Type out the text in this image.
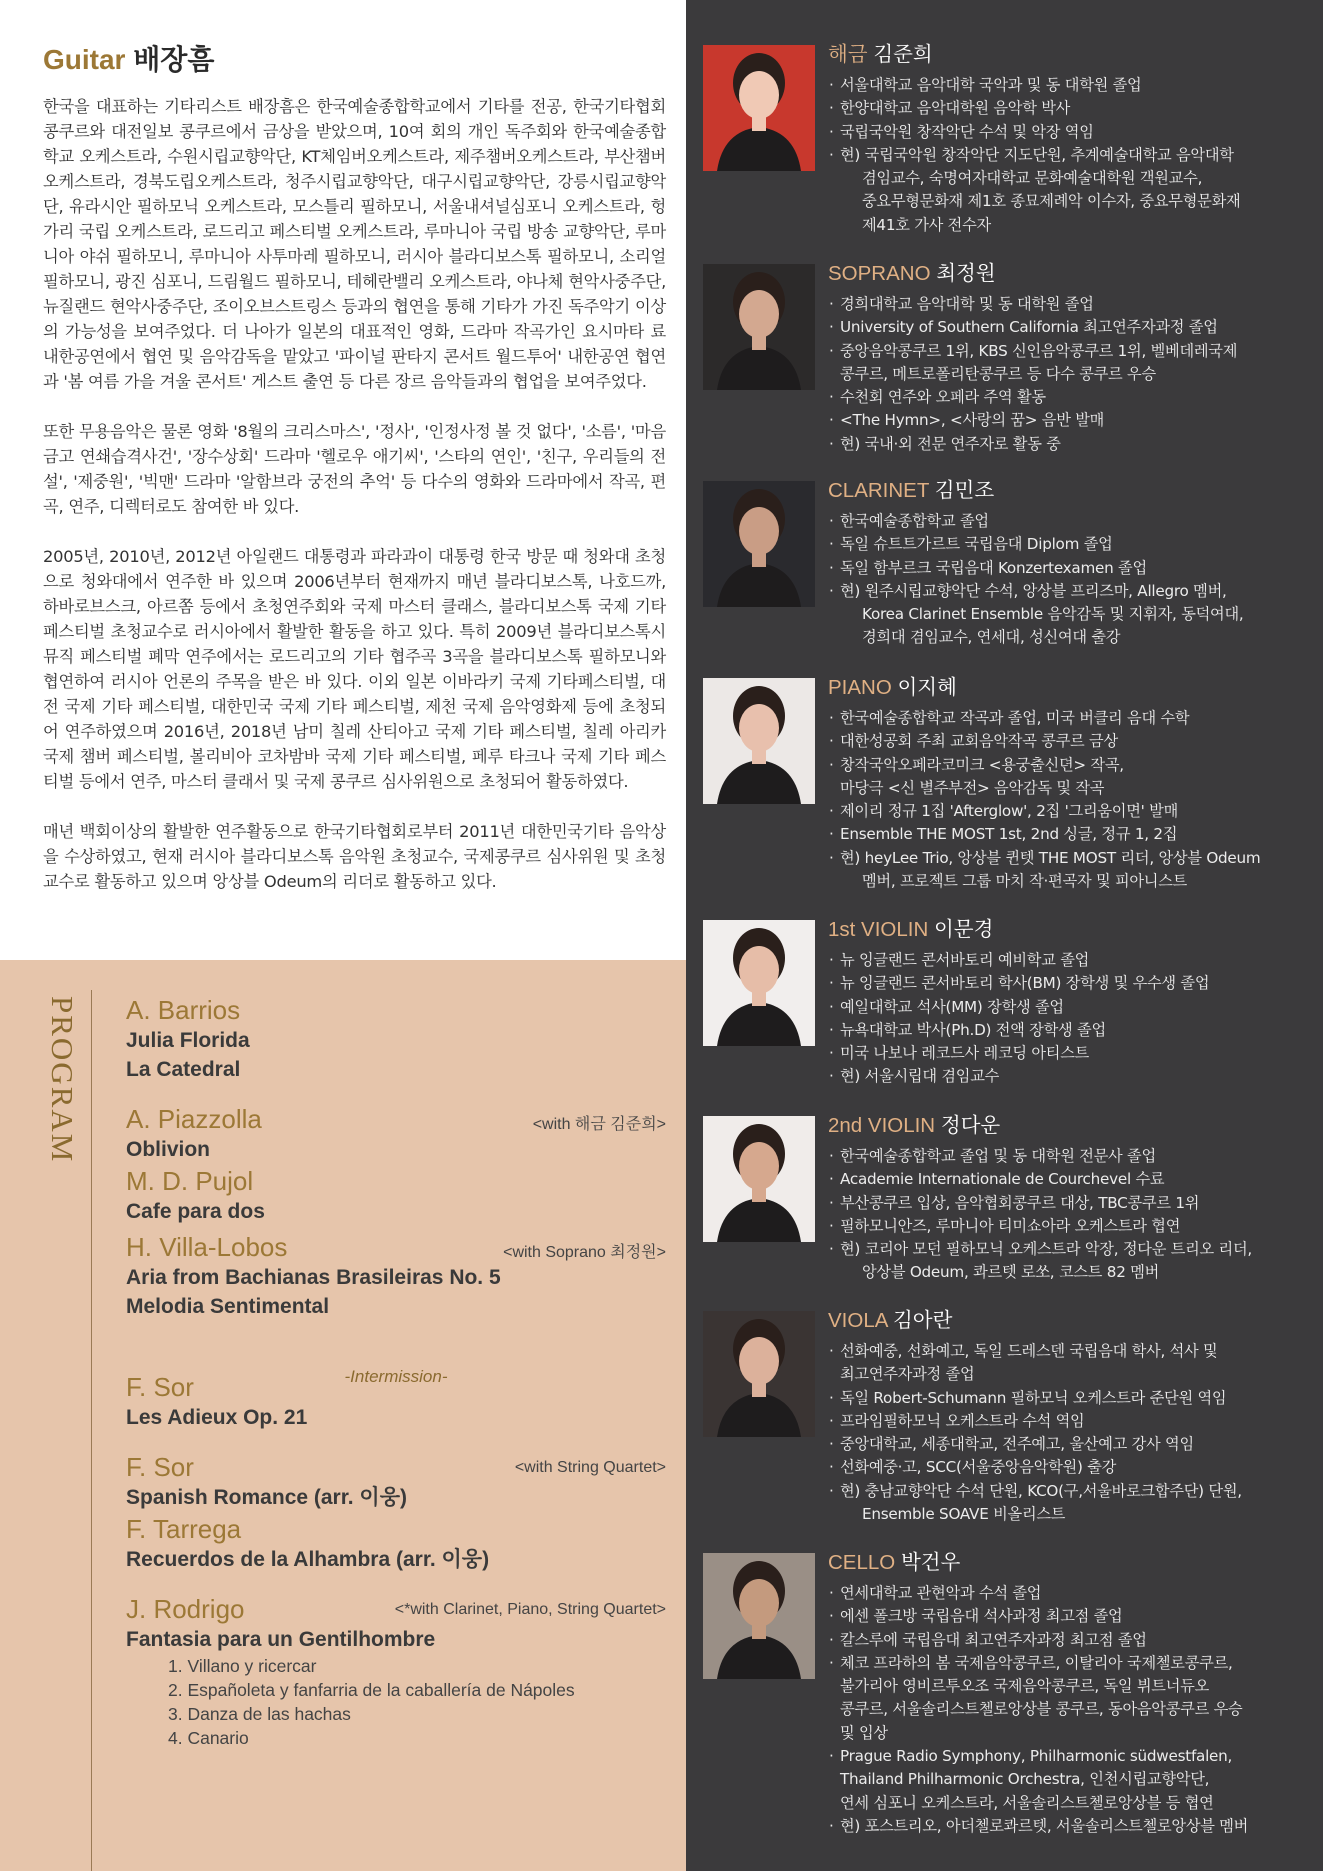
Guitar 배장흠

한국을 대표하는 기타리스트 배장흠은 한국예술종합학교에서 기타를 전공, 한국기타협회 콩쿠르와 대전일보 콩쿠르에서 금상을 받았으며, 10여 회의 개인 독주회와 한국예술종합학교 오케스트라, 수원시립교향악단, KT체임버오케스트라, 제주챔버오케스트라, 부산챔버오케스트라, 경북도립오케스트라, 청주시립교향악단, 대구시립교향악단, 강릉시립교향악단, 유라시안 필하모닉 오케스트라, 모스틀리 필하모니, 서울내셔널심포니 오케스트라, 헝가리 국립 오케스트라, 로드리고 페스티벌 오케스트라, 루마니아 국립 방송 교향악단, 루마니아 야쉬 필하모니, 루마니아 사투마레 필하모니, 러시아 블라디보스톡 필하모니, 소리얼 필하모니, 광진 심포니, 드림월드 필하모니, 테헤란밸리 오케스트라, 야나체 현악사중주단, 뉴질랜드 현악사중주단, 조이오브스트링스 등과의 협연을 통해 기타가 가진 독주악기 이상의 가능성을 보여주었다. 더 나아가 일본의 대표적인 영화, 드라마 작곡가인 요시마타 료 내한공연에서 협연 및 음악감독을 맡았고 '파이널 판타지 콘서트 월드투어' 내한공연 협연과 '봄 여름 가을 겨울 콘서트' 게스트 출연 등 다른 장르 음악들과의 협업을 보여주었다.

또한 무용음악은 물론 영화 '8월의 크리스마스', '정사', '인정사정 볼 것 없다', '소름', '마음금고 연쇄습격사건', '장수상회' 드라마 '헬로우 애기씨', '스타의 연인', '친구, 우리들의 전설', '제중원', '빅맨' 드라마 '알함브라 궁전의 추억' 등 다수의 영화와 드라마에서 작곡, 편곡, 연주, 디렉터로도 참여한 바 있다.

2005년, 2010년, 2012년 아일랜드 대통령과 파라과이 대통령 한국 방문 때 청와대 초청으로 청와대에서 연주한 바 있으며 2006년부터 현재까지 매년 블라디보스톡, 나호드까, 하바로브스크, 아르쫌 등에서 초청연주회와 국제 마스터 클래스, 블라디보스톡 국제 기타 페스티벌 초청교수로 러시아에서 활발한 활동을 하고 있다. 특히 2009년 블라디보스톡시 뮤직 페스티벌 폐막 연주에서는 로드리고의 기타 협주곡 3곡을 블라디보스톡 필하모니와 협연하여 러시아 언론의 주목을 받은 바 있다. 이외 일본 이바라키 국제 기타페스티벌, 대전 국제 기타 페스티벌, 대한민국 국제 기타 페스티벌, 제천 국제 음악영화제 등에 초청되어 연주하였으며 2016년, 2018년 남미 칠레 산티아고 국제 기타 페스티벌, 칠레 아리카 국제 챔버 페스티벌, 볼리비아 코차밤바 국제 기타 페스티벌, 페루 타크나 국제 기타 페스티벌 등에서 연주, 마스터 클래서 및 국제 콩쿠르 심사위원으로 초청되어 활동하였다.

매년 백회이상의 활발한 연주활동으로 한국기타협회로부터 2011년 대한민국기타 음악상을 수상하였고, 현재 러시아 블라디보스톡 음악원 초청교수, 국제콩쿠르 심사위원 및 초청교수로 활동하고 있으며 앙상블 Odeum의 리더로 활동하고 있다.

PROGRAM A. Barrios
Julia Florida
La Catedral
A. Piazzolla	<with 해금 김준희>
Oblivion
M. D. Pujol
Cafe para dos
H. Villa-Lobos	<with Soprano 최정원>
Aria from Bachianas Brasileiras No. 5
Melodia Sentimental
F. Sor
Les Adieux Op. 21
F. Sor	<with String Quartet>
Spanish Romance (arr. 이웅)
F. Tarrega
Recuerdos de la Alhambra (arr. 이웅)
J. Rodrigo	<*with Clarinet, Piano, String Quartet>
Fantasia para un Gentilhombre
1. Villano y ricercar
2. Españoleta y fanfarria de la caballería de Nápoles
3. Danza de las hachas
4. Canario
-Intermission-
해금 김준희
· 서울대학교 음악대학 국악과 및 동 대학원 졸업
· 한양대학교 음악대학원 음악학 박사
· 국립국악원 창작악단 수석 및 악장 역임
· 현) 국립국악원 창작악단 지도단원, 추계예술대학교 음악대학
겸임교수, 숙명여자대학교 문화예술대학원 객원교수,
중요무형문화재 제1호 종묘제례악 이수자, 중요무형문화재
제41호 가사 전수자
SOPRANO 최정원
· 경희대학교 음악대학 및 동 대학원 졸업
· University of Southern California 최고연주자과정 졸업
· 중앙음악콩쿠르 1위, KBS 신인음악콩쿠르 1위, 벨베데레국제
콩쿠르, 메트로폴리탄콩쿠르 등 다수 콩쿠르 우승
· 수천회 연주와 오페라 주역 활동
· <The Hymn>, <사랑의 꿈> 음반 발매
· 현) 국내·외 전문 연주자로 활동 중
CLARINET 김민조
· 한국예술종합학교 졸업
· 독일 슈트트가르트 국립음대 Diplom 졸업
· 독일 함부르크 국립음대 Konzertexamen 졸업
· 현) 원주시립교향악단 수석, 앙상블 프리즈마, Allegro 멤버,
Korea Clarinet Ensemble 음악감독 및 지휘자, 동덕여대,
경희대 겸임교수, 연세대, 성신여대 출강
PIANO 이지혜
· 한국예술종합학교 작곡과 졸업, 미국 버클리 음대 수학
· 대한성공회 주최 교회음악작곡 콩쿠르 금상
· 창작국악오페라코미크 <용궁출신뎐> 작곡,
마당극 <신 별주부전> 음악감독 및 작곡
· 제이리 정규 1집 'Afterglow', 2집 '그리움이면' 발매
· Ensemble THE MOST 1st, 2nd 싱글, 정규 1, 2집
· 현) heyLee Trio, 앙상블 퀸텟 THE MOST 리더, 앙상블 Odeum
멤버, 프로젝트 그룹 마치 작·편곡자 및 피아니스트
1st VIOLIN 이문경
· 뉴 잉글랜드 콘서바토리 예비학교 졸업
· 뉴 잉글랜드 콘서바토리 학사(BM) 장학생 및 우수생 졸업
· 예일대학교 석사(MM) 장학생 졸업
· 뉴욕대학교 박사(Ph.D) 전액 장학생 졸업
· 미국 나보나 레코드사 레코딩 아티스트
· 현) 서울시립대 겸임교수
2nd VIOLIN 정다운
· 한국예술종합학교 졸업 및 동 대학원 전문사 졸업
· Academie Internationale de Courchevel 수료
· 부산콩쿠르 입상, 음악협회콩쿠르 대상, TBC콩쿠르 1위
· 필하모니안즈, 루마니아 티미쇼아라 오케스트라 협연
· 현) 코리아 모던 필하모닉 오케스트라 악장, 정다운 트리오 리더,
앙상블 Odeum, 콰르텟 로쏘, 코스트 82 멤버
VIOLA 김아란
· 선화예중, 선화예고, 독일 드레스덴 국립음대 학사, 석사 및
최고연주자과정 졸업
· 독일 Robert-Schumann 필하모닉 오케스트라 준단원 역임
· 프라임필하모닉 오케스트라 수석 역임
· 중앙대학교, 세종대학교, 전주예고, 울산예고 강사 역임
· 선화예중·고, SCC(서울중앙음악학원) 출강
· 현) 충남교향악단 수석 단원, KCO(구,서울바로크합주단) 단원,
Ensemble SOAVE 비올리스트
CELLO 박건우
· 연세대학교 관현악과 수석 졸업
· 에센 폴크방 국립음대 석사과정 최고점 졸업
· 칼스루에 국립음대 최고연주자과정 최고점 졸업
· 체코 프라하의 봄 국제음악콩쿠르, 이탈리아 국제첼로콩쿠르,
불가리아 영비르투오조 국제음악콩쿠르, 독일 뷔트너듀오
콩쿠르, 서울솔리스트첼로앙상블 콩쿠르, 동아음악콩쿠르 우승
및 입상
· Prague Radio Symphony, Philharmonic südwestfalen,
Thailand Philharmonic Orchestra, 인천시립교향악단,
연세 심포니 오케스트라, 서울솔리스트첼로앙상블 등 협연
· 현) 포스트리오, 아더첼로콰르텟, 서울솔리스트첼로앙상블 멤버
